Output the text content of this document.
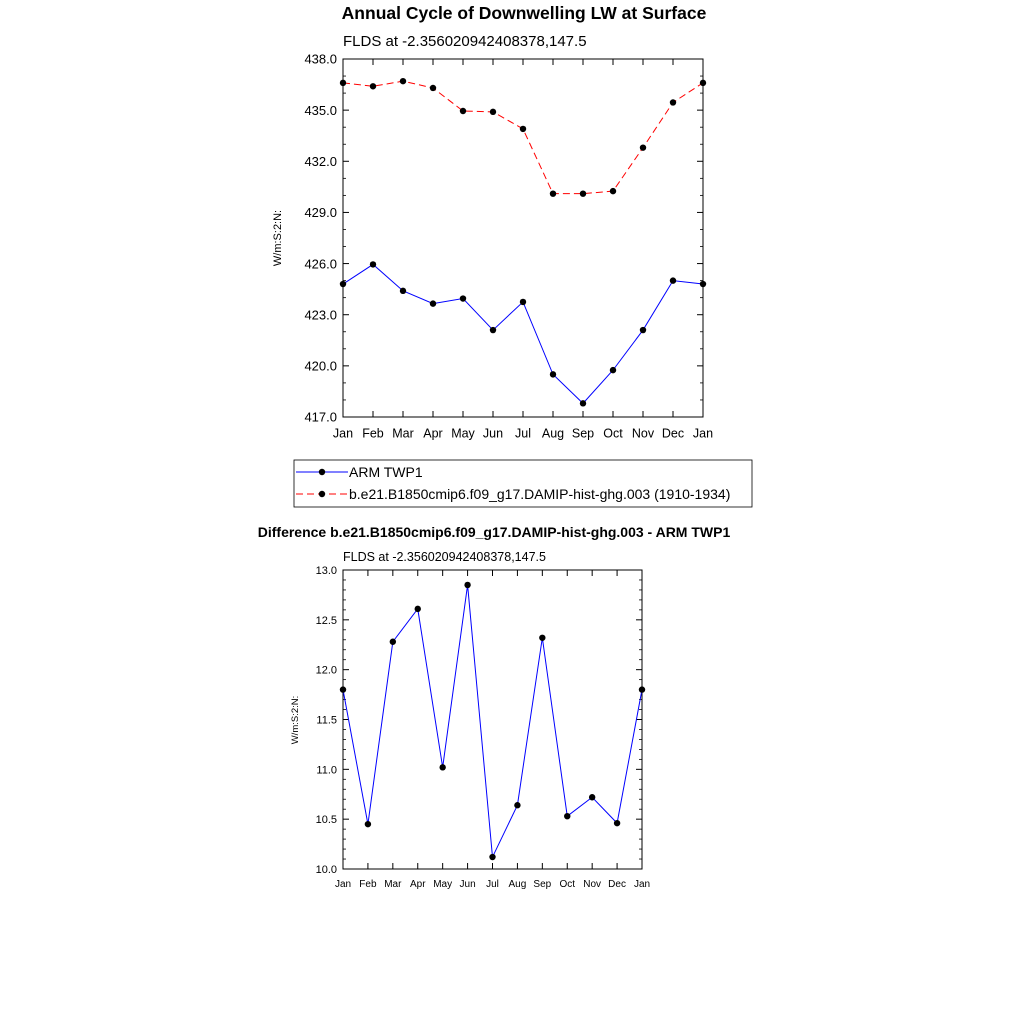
Annual Cycle of Downwelling LW at Surface
FLDS at -2.356020942408378,147.5
W/m:S:2:N:
Jan Feb Mar Apr May Jun Jul Aug Sep Oct Nov Dec Jan
417.0
420.0
423.0
426.0
429.0
432.0
435.0
438.0
ARM TWP1
b.e21.B1850cmip6.f09_g17.DAMIP-hist-ghg.003 (1910-1934)
Difference b.e21.B1850cmip6.f09_g17.DAMIP-hist-ghg.003 - ARM TWP1
FLDS at -2.356020942408378,147.5
W/m:S:2:N:
Jan Feb Mar Apr May Jun Jul Aug Sep Oct Nov Dec Jan
10.0
10.5
11.0
11.5
12.0
12.5
13.0
